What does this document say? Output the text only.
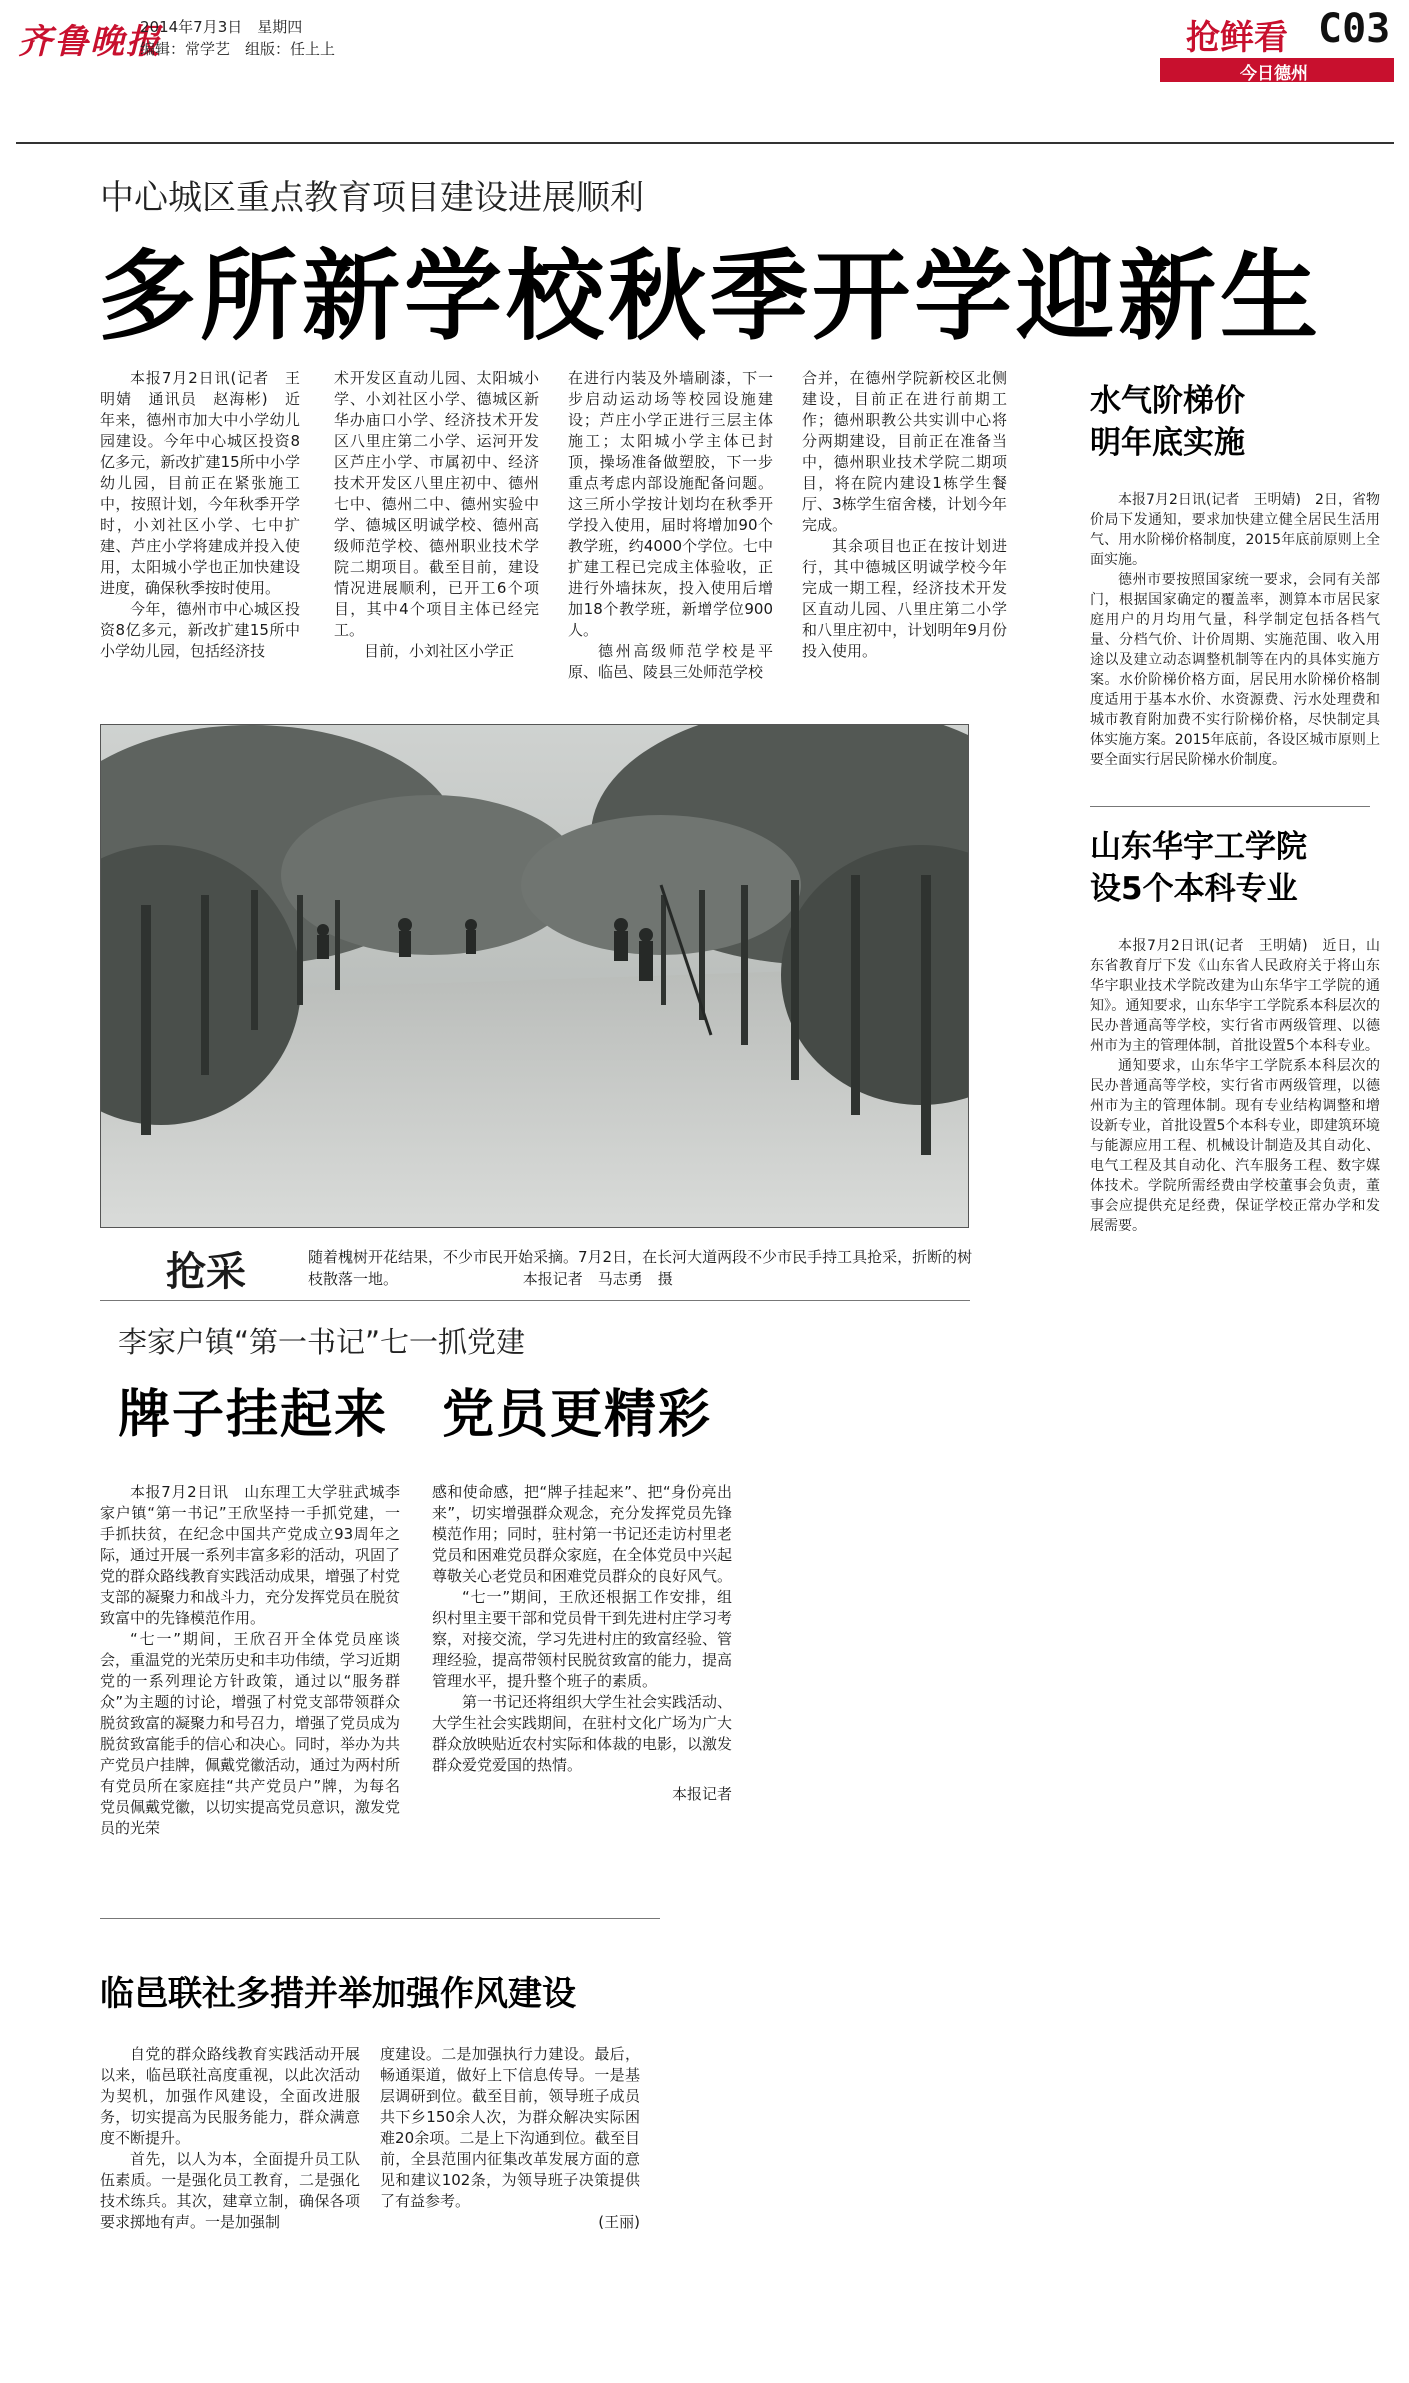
齐鲁晚报
2014年7月3日　星期四
编辑：常学艺　组版：任上上	抢鲜看 C03
今日德州
中心城区重点教育项目建设进展顺利
多所新学校秋季开学迎新生

本报7月2日讯(记者　王明婧　通讯员　赵海彬)　近年来，德州市加大中小学幼儿园建设。今年中心城区投资8亿多元，新改扩建15所中小学幼儿园，目前正在紧张施工中，按照计划，今年秋季开学时，小刘社区小学、七中扩建、芦庄小学将建成并投入使用，太阳城小学也正加快建设进度，确保秋季按时使用。

今年，德州市中心城区投资8亿多元，新改扩建15所中小学幼儿园，包括经济技

术开发区直动儿园、太阳城小学、小刘社区小学、德城区新华办庙口小学、经济技术开发区八里庄第二小学、运河开发区芦庄小学、市属初中、经济技术开发区八里庄初中、德州七中、德州二中、德州实验中学、德城区明诚学校、德州高级师范学校、德州职业技术学院二期项目。截至目前，建设情况进展顺利，已开工6个项目，其中4个项目主体已经完工。

目前，小刘社区小学正

在进行内装及外墙刷漆，下一步启动运动场等校园设施建设；芦庄小学正进行三层主体施工；太阳城小学主体已封顶，操场准备做塑胶，下一步重点考虑内部设施配备问题。这三所小学按计划均在秋季开学投入使用，届时将增加90个教学班，约4000个学位。七中扩建工程已完成主体验收，正进行外墙抹灰，投入使用后增加18个教学班，新增学位900人。

德州高级师范学校是平原、临邑、陵县三处师范学校

合并，在德州学院新校区北侧建设，目前正在进行前期工作；德州职教公共实训中心将分两期建设，目前正在准备当中，德州职业技术学院二期项目，将在院内建设1栋学生餐厅、3栋学生宿舍楼，计划今年完成。

其余项目也正在按计划进行，其中德城区明诚学校今年完成一期工程，经济技术开发区直动儿园、八里庄第二小学和八里庄初中，计划明年9月份投入使用。

水气阶梯价
明年底实施

本报7月2日讯(记者　王明婧)　2日，省物价局下发通知，要求加快建立健全居民生活用气、用水阶梯价格制度，2015年底前原则上全面实施。

德州市要按照国家统一要求，会同有关部门，根据国家确定的覆盖率，测算本市居民家庭用户的月均用气量，科学制定包括各档气量、分档气价、计价周期、实施范围、收入用途以及建立动态调整机制等在内的具体实施方案。水价阶梯价格方面，居民用水阶梯价格制度适用于基本水价、水资源费、污水处理费和城市教育附加费不实行阶梯价格，尽快制定具体实施方案。2015年底前，各设区城市原则上要全面实行居民阶梯水价制度。

山东华宇工学院
设5个本科专业

本报7月2日讯(记者　王明婧)　近日，山东省教育厅下发《山东省人民政府关于将山东华宇职业技术学院改建为山东华宇工学院的通知》。通知要求，山东华宇工学院系本科层次的民办普通高等学校，实行省市两级管理、以德州市为主的管理体制，首批设置5个本科专业。

通知要求，山东华宇工学院系本科层次的民办普通高等学校，实行省市两级管理，以德州市为主的管理体制。现有专业结构调整和增设新专业，首批设置5个本科专业，即建筑环境与能源应用工程、机械设计制造及其自动化、电气工程及其自动化、汽车服务工程、数字媒体技术。学院所需经费由学校董事会负责，董事会应提供充足经费，保证学校正常办学和发展需要。

抢采	随着槐树开花结果，不少市民开始采摘。7月2日，在长河大道两段不少市民手持工具抢采，折断的树枝散落一地。	本报记者　马志勇　摄
李家户镇“第一书记”七一抓党建
牌子挂起来　党员更精彩

本报7月2日讯　山东理工大学驻武城李家户镇“第一书记”王欣坚持一手抓党建，一手抓扶贫，在纪念中国共产党成立93周年之际，通过开展一系列丰富多彩的活动，巩固了党的群众路线教育实践活动成果，增强了村党支部的凝聚力和战斗力，充分发挥党员在脱贫致富中的先锋模范作用。

“七一”期间，王欣召开全体党员座谈会，重温党的光荣历史和丰功伟绩，学习近期党的一系列理论方针政策，通过以“服务群众”为主题的讨论，增强了村党支部带领群众脱贫致富的凝聚力和号召力，增强了党员成为脱贫致富能手的信心和决心。同时，举办为共产党员户挂牌，佩戴党徽活动，通过为两村所有党员所在家庭挂“共产党员户”牌，为每名党员佩戴党徽，以切实提高党员意识，激发党员的光荣

感和使命感，把“牌子挂起来”、把“身份亮出来”，切实增强群众观念，充分发挥党员先锋模范作用；同时，驻村第一书记还走访村里老党员和困难党员群众家庭，在全体党员中兴起尊敬关心老党员和困难党员群众的良好风气。

“七一”期间，王欣还根据工作安排，组织村里主要干部和党员骨干到先进村庄学习考察，对接交流，学习先进村庄的致富经验、管理经验，提高带领村民脱贫致富的能力，提高管理水平，提升整个班子的素质。

第一书记还将组织大学生社会实践活动、大学生社会实践期间，在驻村文化广场为广大群众放映贴近农村实际和体裁的电影，以激发群众爱党爱国的热情。

本报记者

临邑联社多措并举加强作风建设

自党的群众路线教育实践活动开展以来，临邑联社高度重视，以此次活动为契机，加强作风建设，全面改进服务，切实提高为民服务能力，群众满意度不断提升。

首先，以人为本，全面提升员工队伍素质。一是强化员工教育，二是强化技术练兵。其次，建章立制，确保各项要求掷地有声。一是加强制

度建设。二是加强执行力建设。最后，畅通渠道，做好上下信息传导。一是基层调研到位。截至目前，领导班子成员共下乡150余人次，为群众解决实际困难20余项。二是上下沟通到位。截至目前，全县范围内征集改革发展方面的意见和建议102条，为领导班子决策提供了有益参考。

(王丽)
